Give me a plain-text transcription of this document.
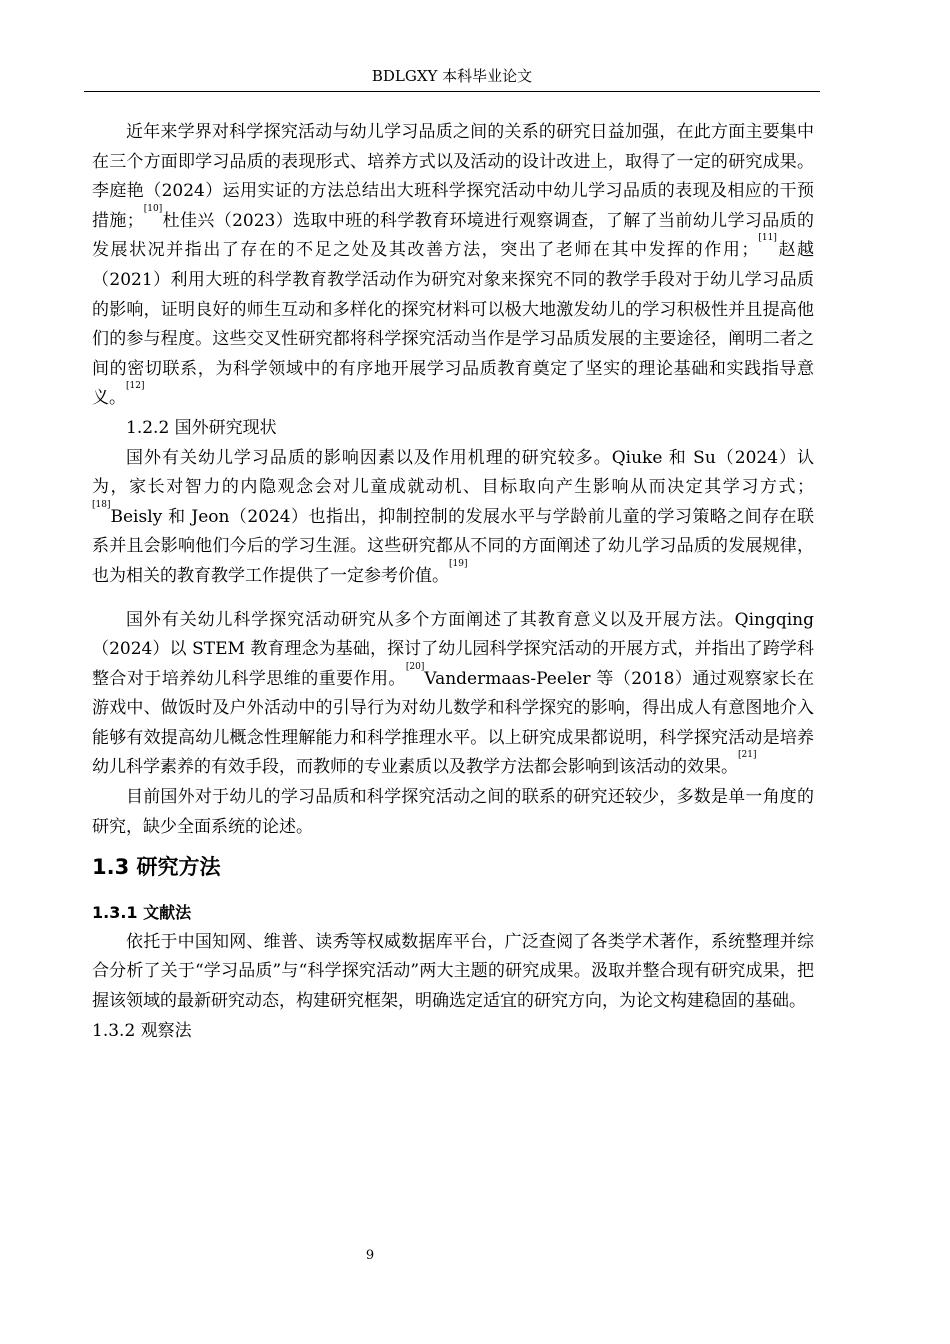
BDLGXY 本科毕业论文

近年来学界对科学探究活动与幼儿学习品质之间的关系的研究日益加强，在此方面主要集中在三个方面即学习品质的表现形式、培养方式以及活动的设计改进上，取得了一定的研究成果。李庭艳（2024）运用实证的方法总结出大班科学探究活动中幼儿学习品质的表现及相应的干预措施；[10]杜佳兴（2023）选取中班的科学教育环境进行观察调查，了解了当前幼儿学习品质的发展状况并指出了存在的不足之处及其改善方法，突出了老师在其中发挥的作用；[11]赵越（2021）利用大班的科学教育教学活动作为研究对象来探究不同的教学手段对于幼儿学习品质的影响，证明良好的师生互动和多样化的探究材料可以极大地激发幼儿的学习积极性并且提高他们的参与程度。这些交叉性研究都将科学探究活动当作是学习品质发展的主要途径，阐明二者之间的密切联系，为科学领域中的有序地开展学习品质教育奠定了坚实的理论基础和实践指导意义。[12]

1.2.2 国外研究现状

国外有关幼儿学习品质的影响因素以及作用机理的研究较多。Qiuke 和 Su（2024）认为，家长对智力的内隐观念会对儿童成就动机、目标取向产生影响从而决定其学习方式；[18]Beisly 和 Jeon（2024）也指出，抑制控制的发展水平与学龄前儿童的学习策略之间存在联系并且会影响他们今后的学习生涯。这些研究都从不同的方面阐述了幼儿学习品质的发展规律，也为相关的教育教学工作提供了一定参考价值。[19]

国外有关幼儿科学探究活动研究从多个方面阐述了其教育意义以及开展方法。Qingqing（2024）以 STEM 教育理念为基础，探讨了幼儿园科学探究活动的开展方式，并指出了跨学科整合对于培养幼儿科学思维的重要作用。[20]Vandermaas-Peeler 等（2018）通过观察家长在游戏中、做饭时及户外活动中的引导行为对幼儿数学和科学探究的影响，得出成人有意图地介入能够有效提高幼儿概念性理解能力和科学推理水平。以上研究成果都说明，科学探究活动是培养幼儿科学素养的有效手段，而教师的专业素质以及教学方法都会影响到该活动的效果。[21]

目前国外对于幼儿的学习品质和科学探究活动之间的联系的研究还较少，多数是单一角度的研究，缺少全面系统的论述。

1.3 研究方法
1.3.1 文献法

依托于中国知网、维普、读秀等权威数据库平台，广泛查阅了各类学术著作，系统整理并综合分析了关于“学习品质”与“科学探究活动”两大主题的研究成果。汲取并整合现有研究成果，把握该领域的最新研究动态，构建研究框架，明确选定适宜的研究方向，为论文构建稳固的基础。

1.3.2 观察法

9
